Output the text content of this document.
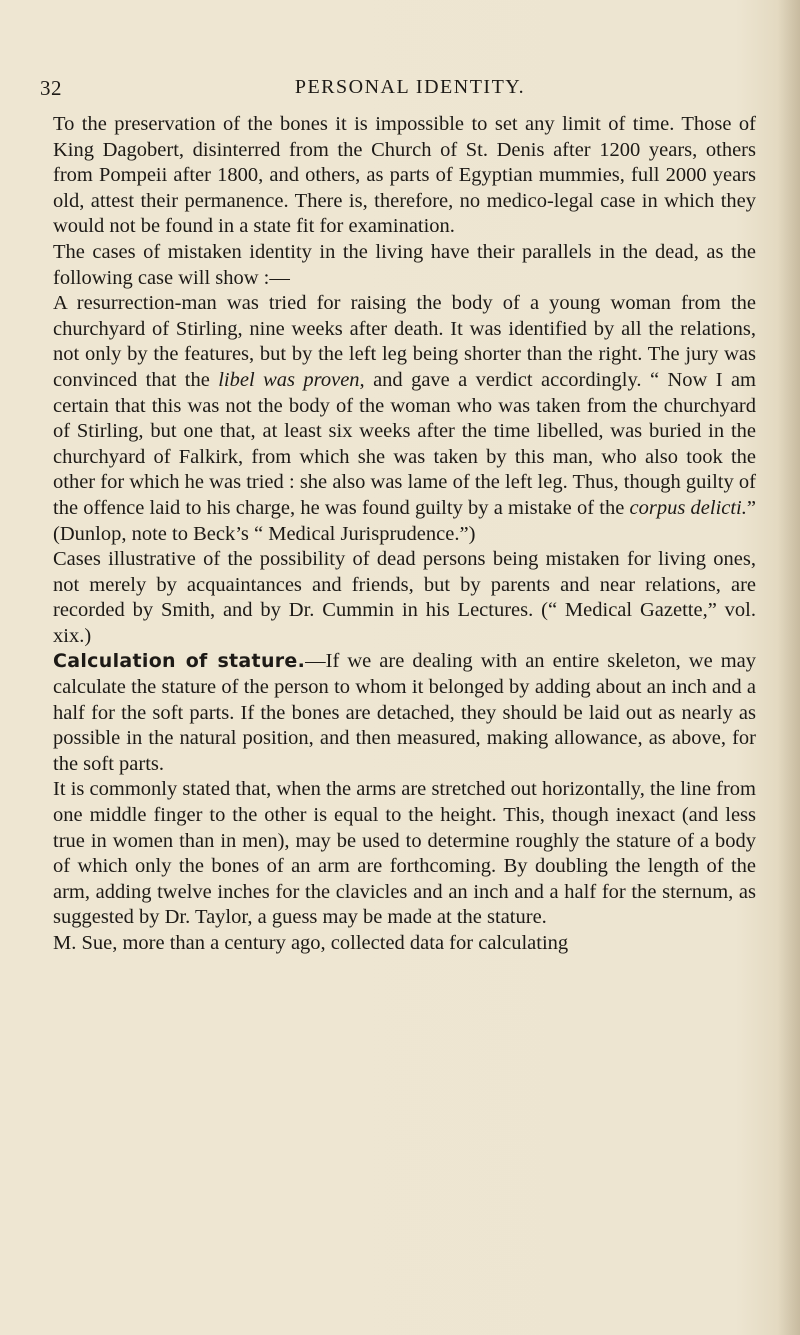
32	PERSONAL IDENTITY.

To the preservation of the bones it is impossible to set any limit of time. Those of King Dagobert, disinterred from the Church of St. Denis after 1200 years, others from Pompeii after 1800, and others, as parts of Egyptian mummies, full 2000 years old, attest their permanence. There is, therefore, no medico-legal case in which they would not be found in a state fit for examination.

The cases of mistaken identity in the living have their parallels in the dead, as the following case will show :—

A resurrection-man was tried for raising the body of a young woman from the churchyard of Stirling, nine weeks after death. It was identified by all the relations, not only by the features, but by the left leg being shorter than the right. The jury was convinced that the libel was proven, and gave a verdict accordingly. “ Now I am certain that this was not the body of the woman who was taken from the churchyard of Stirling, but one that, at least six weeks after the time libelled, was buried in the churchyard of Falkirk, from which she was taken by this man, who also took the other for which he was tried : she also was lame of the left leg. Thus, though guilty of the offence laid to his charge, he was found guilty by a mistake of the corpus delicti.” (Dunlop, note to Beck’s “ Medical Jurisprudence.”)

Cases illustrative of the possibility of dead persons being mistaken for living ones, not merely by acquaintances and friends, but by parents and near relations, are recorded by Smith, and by Dr. Cummin in his Lectures. (“ Medical Gazette,” vol. xix.)

Calculation of stature.—If we are dealing with an entire skeleton, we may calculate the stature of the person to whom it belonged by adding about an inch and a half for the soft parts. If the bones are detached, they should be laid out as nearly as possible in the natural position, and then measured, making allowance, as above, for the soft parts.

It is commonly stated that, when the arms are stretched out horizontally, the line from one middle finger to the other is equal to the height. This, though inexact (and less true in women than in men), may be used to determine roughly the stature of a body of which only the bones of an arm are forthcoming. By doubling the length of the arm, adding twelve inches for the clavicles and an inch and a half for the sternum, as suggested by Dr. Taylor, a guess may be made at the stature.

M. Sue, more than a century ago, collected data for calculating
